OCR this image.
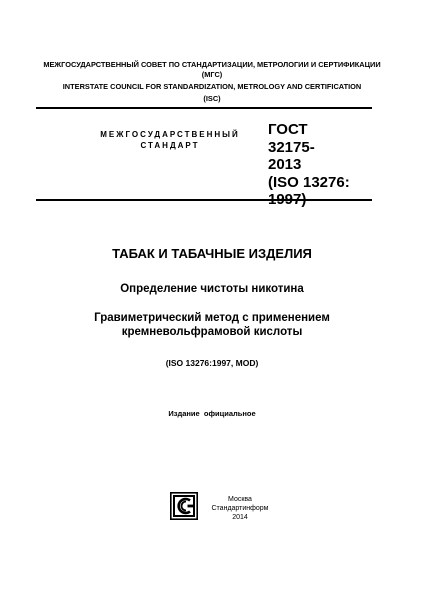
МЕЖГОСУДАРСТВЕННЫЙ СОВЕТ ПО СТАНДАРТИЗАЦИИ, МЕТРОЛОГИИ И СЕРТИФИКАЦИИ
(МГС)
INTERSTATE COUNCIL FOR STANDARDIZATION, METROLOGY AND CERTIFICATION
(ISC)
МЕЖГОСУДАРСТВЕННЫЙ
СТАНДАРТ
ГОСТ
32175-
2013
(ISO 13276:
1997)
ТАБАК И ТАБАЧНЫЕ ИЗДЕЛИЯ
Определение чистоты никотина
Гравиметрический метод с применением
кремневольфрамовой кислоты
(ISO 13276:1997, MOD)
Издание  официальное
Москва
Стандартинформ
2014
